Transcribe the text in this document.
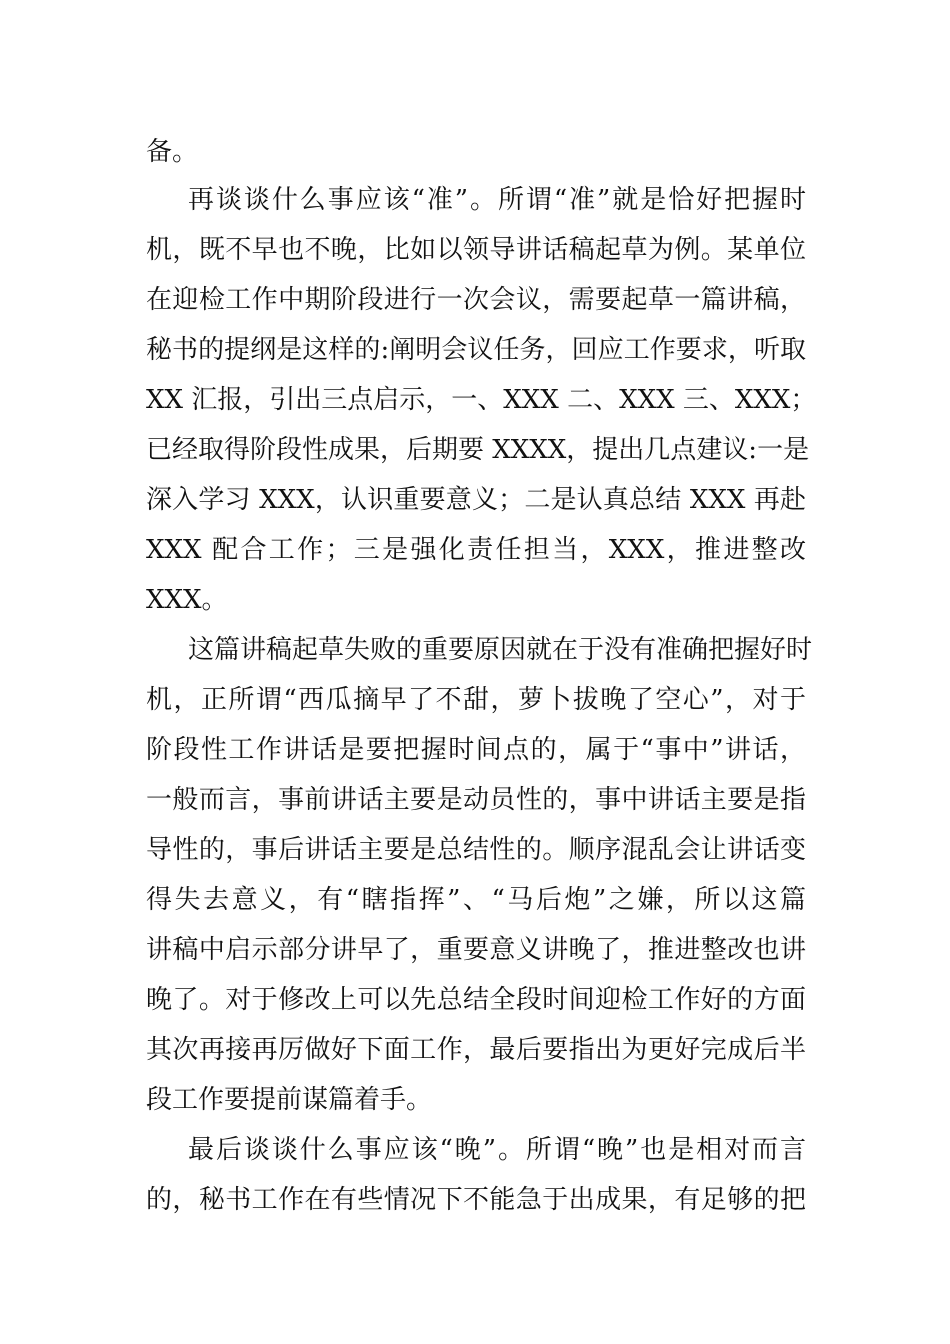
备。
再谈谈什么事应该“准”。所谓“准”就是恰好把握时
机，既不早也不晚，比如以领导讲话稿起草为例。某单位
在迎检工作中期阶段进行一次会议，需要起草一篇讲稿，
秘书的提纲是这样的:阐明会议任务，回应工作要求，听取
XX 汇报，引出三点启示，一、XXX 二、XXX 三、XXX；
已经取得阶段性成果，后期要 XXXX，提出几点建议:一是
深入学习 XXX，认识重要意义；二是认真总结 XXX 再赴
XXX 配合工作；三是强化责任担当，XXX，推进整改
XXX。
这篇讲稿起草失败的重要原因就在于没有准确把握好时
机，正所谓“西瓜摘早了不甜，萝卜拔晚了空心”，对于
阶段性工作讲话是要把握时间点的，属于“事中”讲话，
一般而言，事前讲话主要是动员性的，事中讲话主要是指
导性的，事后讲话主要是总结性的。顺序混乱会让讲话变
得失去意义，有“瞎指挥”、“马后炮”之嫌，所以这篇
讲稿中启示部分讲早了，重要意义讲晚了，推进整改也讲
晚了。对于修改上可以先总结全段时间迎检工作好的方面
其次再接再厉做好下面工作，最后要指出为更好完成后半
段工作要提前谋篇着手。
最后谈谈什么事应该“晚”。所谓“晚”也是相对而言
的，秘书工作在有些情况下不能急于出成果，有足够的把
